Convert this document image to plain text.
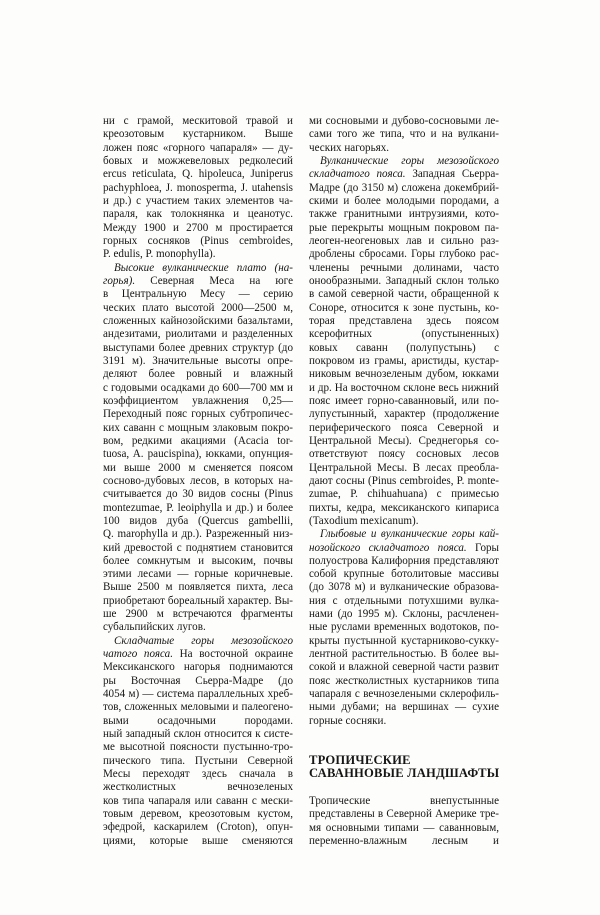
ни с грамой, мескитовой травой и
креозотовым кустарником. Выше
ложен пояс «горного чапараля» — ду-
бовых и можжевеловых редколесий
ercus reticulata, Q. hipoleuca, Juniperus
pachyphloea, J. monosperma, J. utahensis
и др.) с участием таких элементов ча-
параля, как толокнянка и цеанотус.
Между 1900 и 2700 м простирается
горных сосняков (Pinus cembroides,
P. edulis, P. monophylla).
Высокие вулканические плато (на-
горья). Северная Меса на юге
в Центральную Месу — серию
ческих плато высотой 2000—2500 м,
сложенных кайнозойскими базальтами,
андезитами, риолитами и разделенных
выступами более древних структур (до
3191 м). Значительные высоты опре-
деляют более ровный и влажный
с годовыми осадками до 600—700 мм и
коэффициентом увлажнения 0,25—
Переходный пояс горных субтропичес-
ких саванн с мощным злаковым покро-
вом, редкими акациями (Acacia tor-
tuosa, A. paucispina), юкками, опунция-
ми выше 2000 м сменяется поясом
сосново-дубовых лесов, в которых на-
считывается до 30 видов сосны (Pinus
montezumae, P. leoiphylla и др.) и более
100 видов дуба (Quercus gambellii,
Q. marophylla и др.). Разреженный низ-
кий древостой с поднятием становится
более сомкнутым и высоким, почвы
этими лесами — горные коричневые.
Выше 2500 м появляется пихта, леса
приобретают бореальный характер. Вы-
ше 2900 м встречаются фрагменты
субальпийских лугов.
Складчатые горы мезозойского
чатого пояса. На восточной окраине
Мексиканского нагорья поднимаются
ры Восточная Сьерра-Мадре (до
4054 м) — система параллельных хреб-
тов, сложенных меловыми и палеогено-
выми осадочными породами.
ный западный склон относится к систе-
ме высотной поясности пустынно-тро-
пического типа. Пустыни Северной
Месы переходят здесь сначала в
жестколистных вечнозеленых
ков типа чапараля или саванн с мески-
товым деревом, креозотовым кустом,
эфедрой, каскарилем (Croton), опун-
циями, которые выше сменяются
ми сосновыми и дубово-сосновыми ле-
сами того же типа, что и на вулкани-
ческих нагорьях.
Вулканические горы мезозойского
складчатого пояса. Западная Сьерра-
Мадре (до 3150 м) сложена докембрий-
скими и более молодыми породами, а
также гранитными интрузиями, кото-
рые перекрыты мощным покровом па-
леоген-неогеновых лав и сильно раз-
дроблены сбросами. Горы глубоко рас-
членены речными долинами, часто
онообразными. Западный склон только
в самой северной части, обращенной к
Соноре, относится к зоне пустынь, ко-
торая представлена здесь поясом
ксерофитных (опустыненных)
ковых саванн (полупустынь) с
покровом из грамы, аристиды, кустар-
никовым вечнозеленым дубом, юкками
и др. На восточном склоне весь нижний
пояс имеет горно-саванновый, или по-
лупустынный, характер (продолжение
периферического пояса Северной и
Центральной Месы). Среднегорья со-
ответствуют поясу сосновых лесов
Центральной Месы. В лесах преобла-
дают сосны (Pinus cembroides, P. monte-
zumae, P. chihuahuana) с примесью
пихты, кедра, мексиканского кипариса
(Taxodium mexicanum).
Глыбовые и вулканические горы кай-
нозойского складчатого пояса. Горы
полуострова Калифорния представляют
собой крупные ботолитовые массивы
(до 3078 м) и вулканические образова-
ния с отдельными потухшими вулка-
нами (до 1995 м). Склоны, расчленен-
ные руслами временных водотоков, по-
крыты пустынной кустарниково-сукку-
лентной растительностью. В более вы-
сокой и влажной северной части развит
пояс жестколистных кустарников типа
чапараля с вечнозелеными склерофиль-
ными дубами; на вершинах — сухие
горные сосняки.
ТРОПИЧЕСКИЕ
САВАННОВЫЕ ЛАНДШАФТЫ
Тропические внепустынные
представлены в Северной Америке тре-
мя основными типами — саванновым,
переменно-влажным лесным и
